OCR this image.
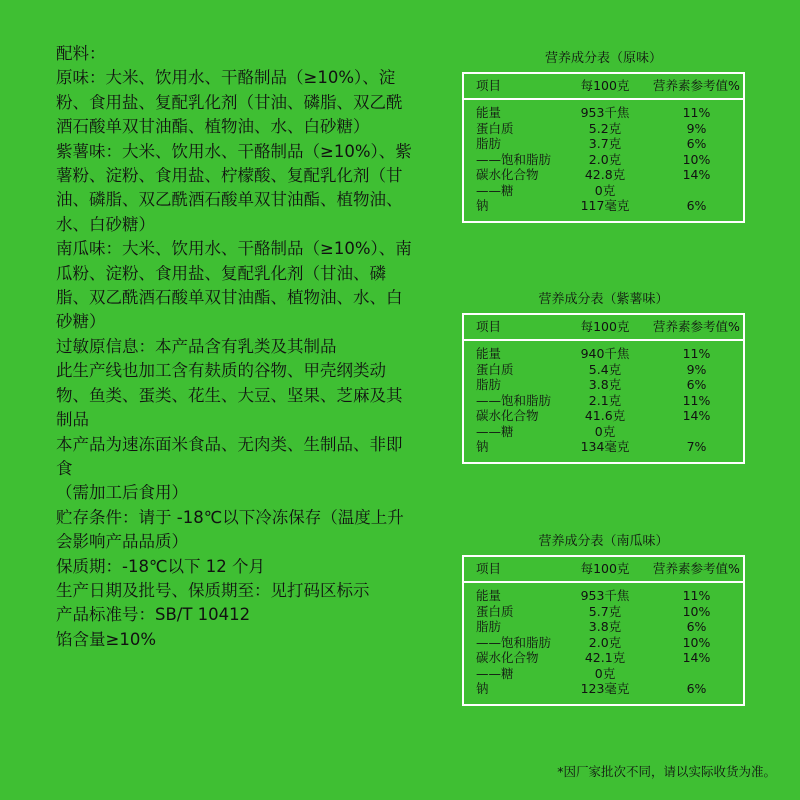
配料：

原味：大米、饮用水、干酪制品（≥10%）、淀粉、食用盐、复配乳化剂（甘油、磷脂、双乙酰酒石酸单双甘油酯、植物油、水、白砂糖）

紫薯味：大米、饮用水、干酪制品（≥10%）、紫薯粉、淀粉、食用盐、柠檬酸、复配乳化剂（甘油、磷脂、双乙酰酒石酸单双甘油酯、植物油、水、白砂糖）

南瓜味：大米、饮用水、干酪制品（≥10%）、南瓜粉、淀粉、食用盐、复配乳化剂（甘油、磷脂、双乙酰酒石酸单双甘油酯、植物油、水、白砂糖）

过敏原信息：本产品含有乳类及其制品

此生产线也加工含有麸质的谷物、甲壳纲类动物、鱼类、蛋类、花生、大豆、坚果、芝麻及其制品

本产品为速冻面米食品、无肉类、生制品、非即食

（需加工后食用）

贮存条件：请于 -18℃以下冷冻保存（温度上升会影响产品品质）

保质期：-18℃以下 12 个月

生产日期及批号、保质期至：见打码区标示

产品标准号：SB/T 10412

馅含量≥10%

营养成分表（原味）
项目	每100克	营养素参考值%
能量	953千焦	11%
蛋白质	5.2克	9%
脂肪	3.7克	6%
——饱和脂肪	2.0克	10%
碳水化合物	42.8克	14%
——糖	0克
钠	117毫克	6%
营养成分表（紫薯味）
项目	每100克	营养素参考值%
能量	940千焦	11%
蛋白质	5.4克	9%
脂肪	3.8克	6%
——饱和脂肪	2.1克	11%
碳水化合物	41.6克	14%
——糖	0克
钠	134毫克	7%
营养成分表（南瓜味）
项目	每100克	营养素参考值%
能量	953千焦	11%
蛋白质	5.7克	10%
脂肪	3.8克	6%
——饱和脂肪	2.0克	10%
碳水化合物	42.1克	14%
——糖	0克
钠	123毫克	6%
*因厂家批次不同，请以实际收货为准。
